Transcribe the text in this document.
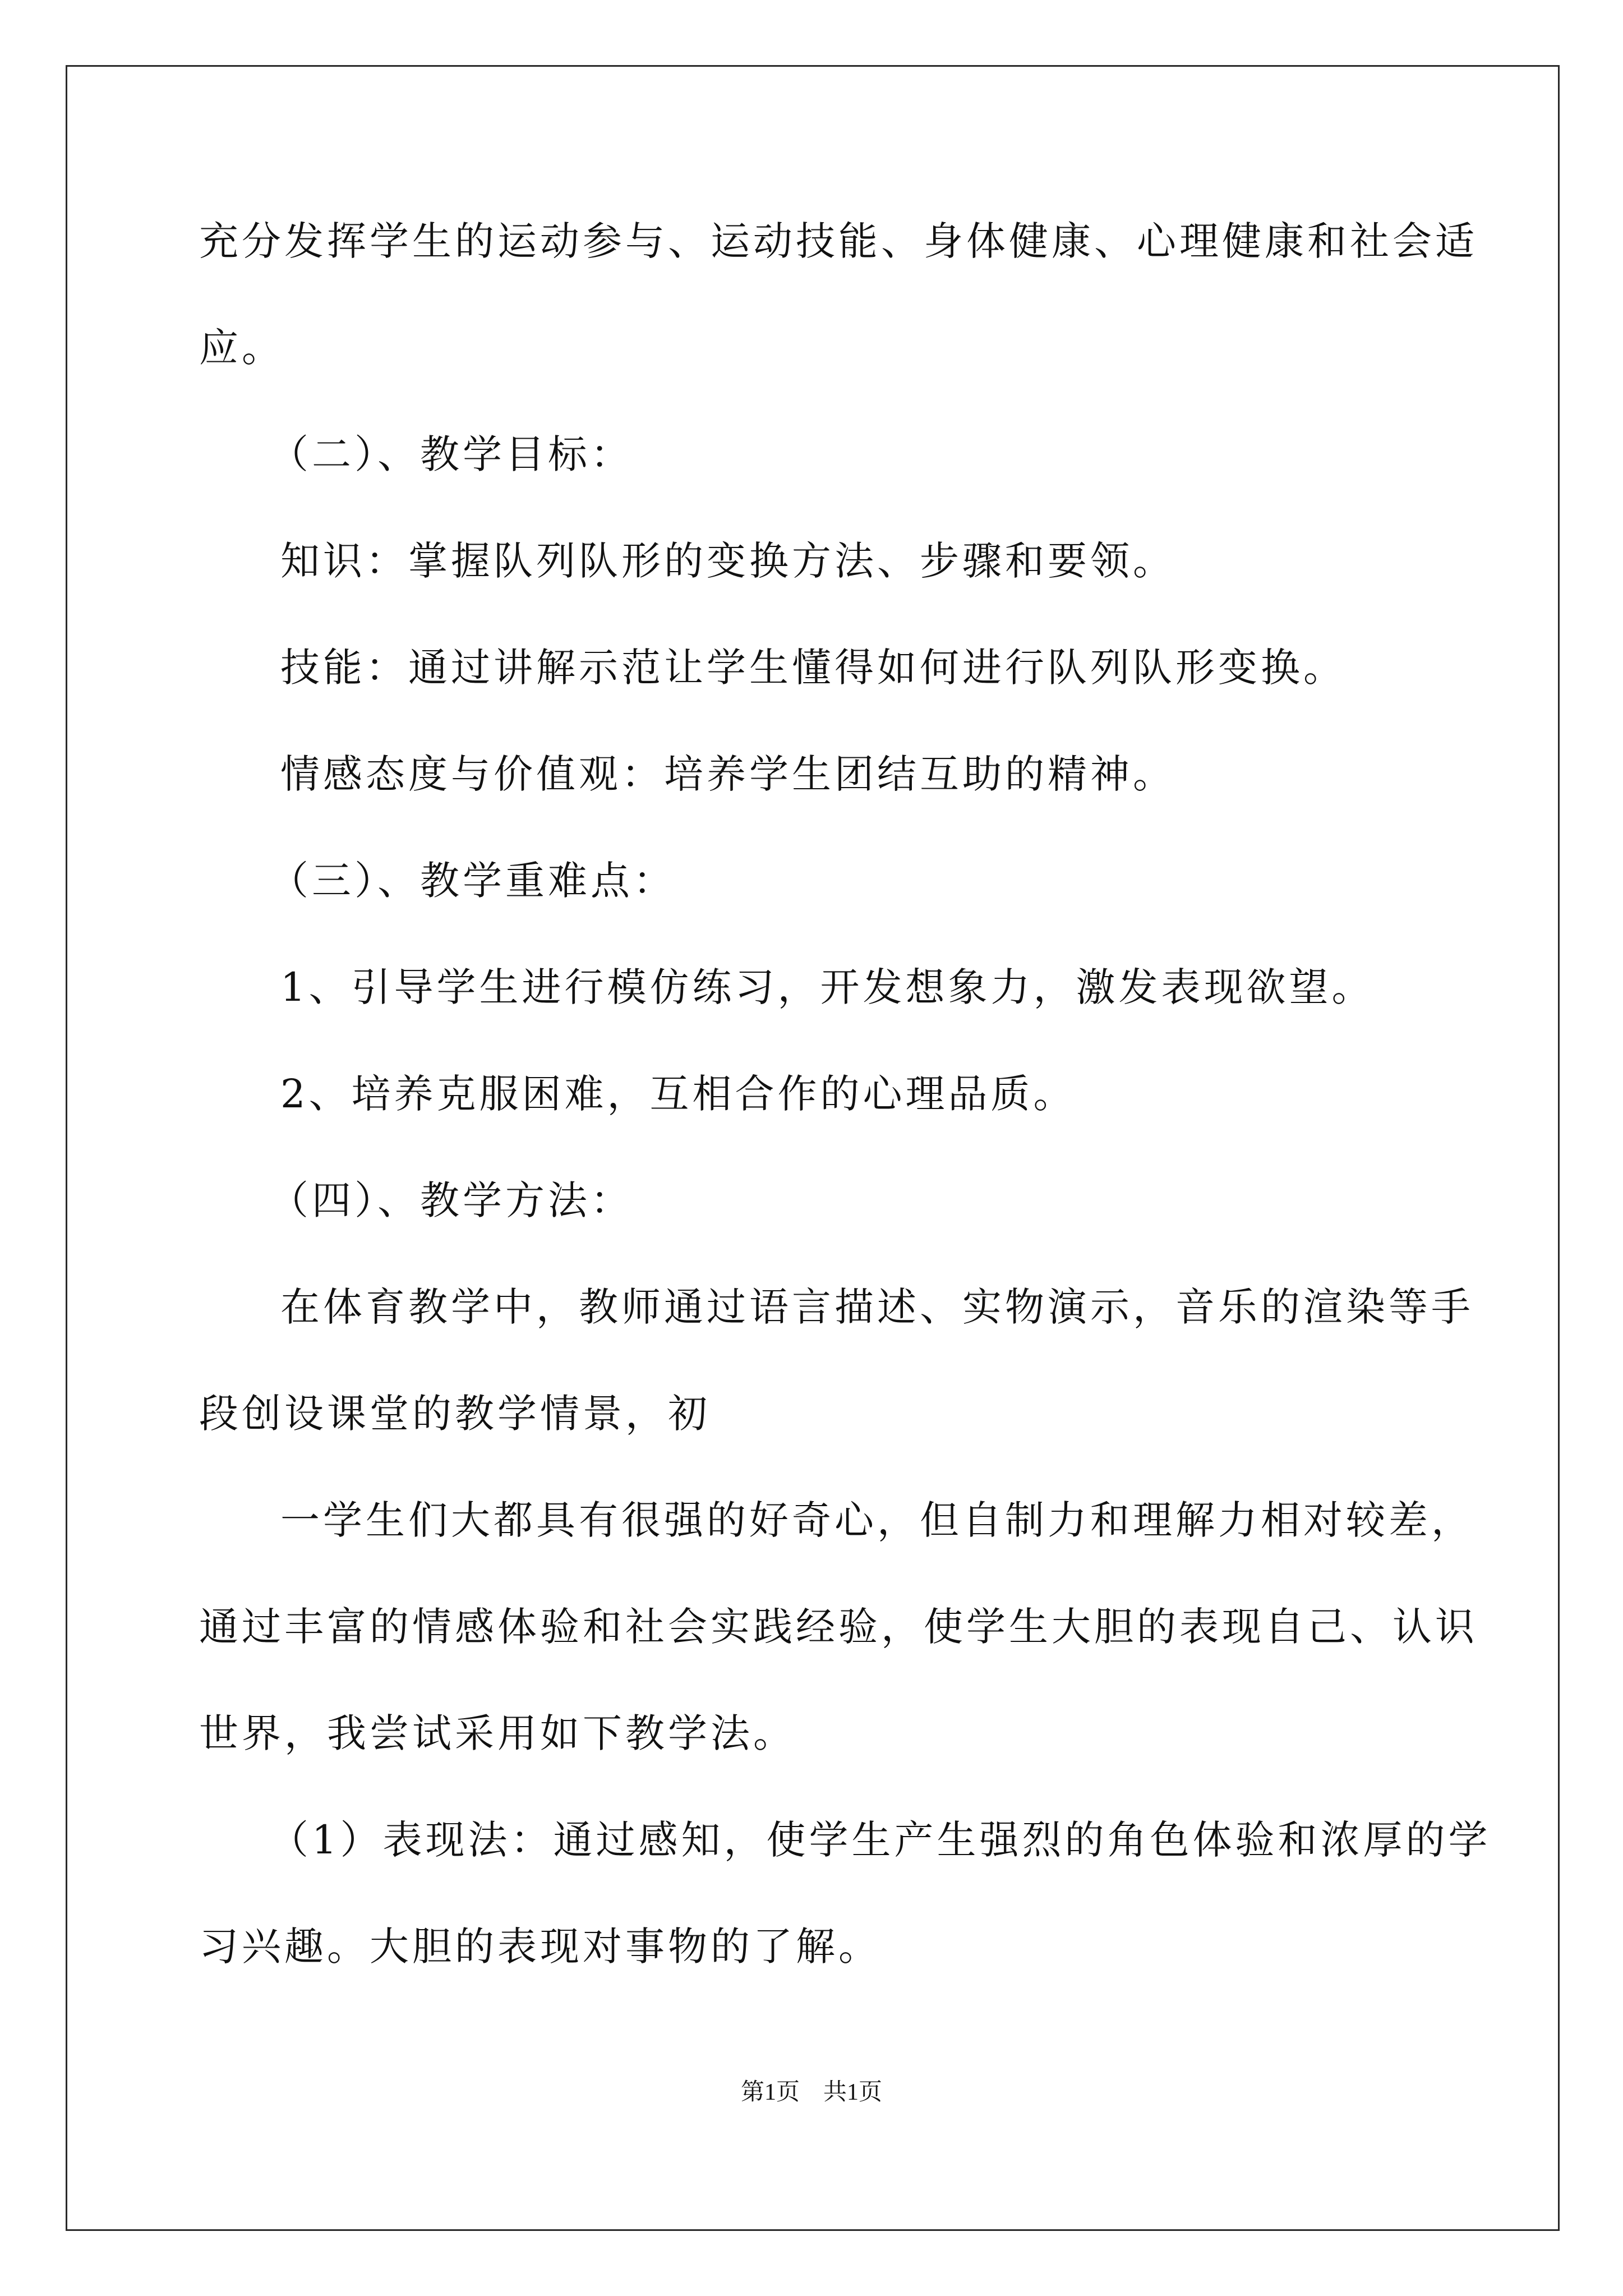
充分发挥学生的运动参与、运动技能、身体健康、心理健康和社会适
应。
（二）、教学目标：
知识：掌握队列队形的变换方法、步骤和要领。
技能：通过讲解示范让学生懂得如何进行队列队形变换。
情感态度与价值观：培养学生团结互助的精神。
（三）、教学重难点：
1、引导学生进行模仿练习，开发想象力，激发表现欲望。
2、培养克服困难，互相合作的心理品质。
（四）、教学方法：
在体育教学中，教师通过语言描述、实物演示，音乐的渲染等手
段创设课堂的教学情景，初
一学生们大都具有很强的好奇心，但自制力和理解力相对较差，
通过丰富的情感体验和社会实践经验，使学生大胆的表现自己、认识
世界，我尝试采用如下教学法。
（1）表现法：通过感知，使学生产生强烈的角色体验和浓厚的学
习兴趣。大胆的表现对事物的了解。
第1页　共1页
